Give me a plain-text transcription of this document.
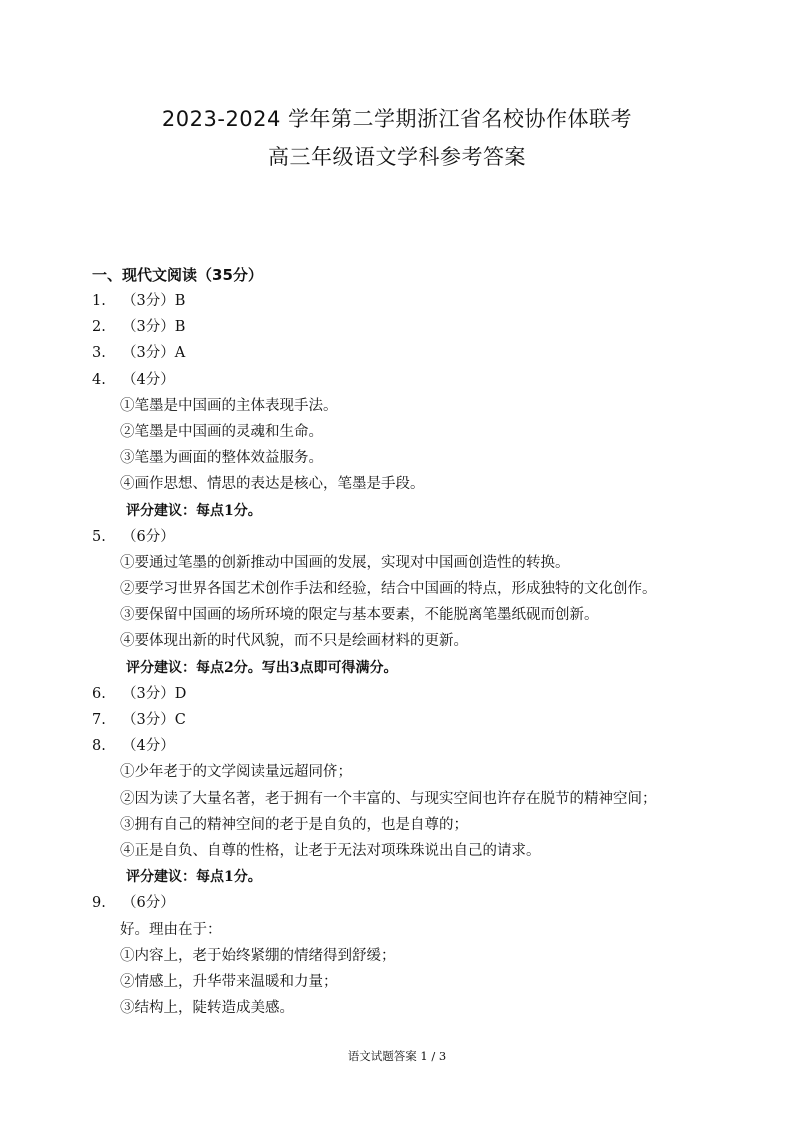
2023-2024 学年第二学期浙江省名校协作体联考
高三年级语文学科参考答案
一、现代文阅读（35分）
1. （3分）B
2. （3分）B
3. （3分）A
4. （4分）
①笔墨是中国画的主体表现手法。
②笔墨是中国画的灵魂和生命。
③笔墨为画面的整体效益服务。
④画作思想、情思的表达是核心，笔墨是手段。
评分建议：每点1分。
5. （6分）
①要通过笔墨的创新推动中国画的发展，实现对中国画创造性的转换。
②要学习世界各国艺术创作手法和经验，结合中国画的特点，形成独特的文化创作。
③要保留中国画的场所环境的限定与基本要素，不能脱离笔墨纸砚而创新。
④要体现出新的时代风貌，而不只是绘画材料的更新。
评分建议：每点2分。写出3点即可得满分。
6. （3分）D
7. （3分）C
8. （4分）
①少年老于的文学阅读量远超同侪；
②因为读了大量名著，老于拥有一个丰富的、与现实空间也许存在脱节的精神空间；
③拥有自己的精神空间的老于是自负的，也是自尊的；
④正是自负、自尊的性格，让老于无法对项珠珠说出自己的请求。
评分建议：每点1分。
9. （6分）
好。理由在于：
①内容上，老于始终紧绷的情绪得到舒缓；
②情感上，升华带来温暖和力量；
③结构上，陡转造成美感。
语文试题答案 1 / 3
